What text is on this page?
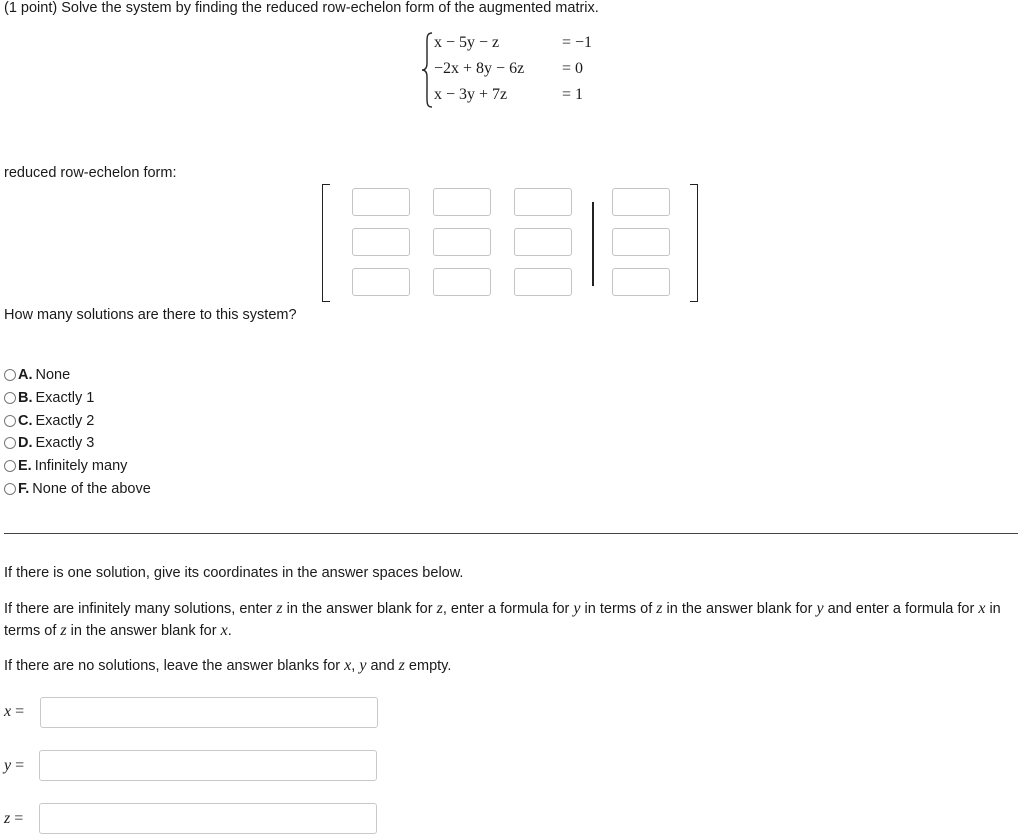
(1 point) Solve the system by finding the reduced row-echelon form of the augmented matrix.
x − 5y − z	= −1
−2x + 8y − 6z = 0
x − 3y + 7z	= 1
reduced row-echelon form:
How many solutions are there to this system?
A. None
B. Exactly 1
C. Exactly 2
D. Exactly 3
E. Infinitely many
F. None of the above
If there is one solution, give its coordinates in the answer spaces below.
If there are infinitely many solutions, enter z in the answer blank for z, enter a formula for y in terms of z in the answer blank for y and enter a formula for x in terms of z in the answer blank for x.
If there are no solutions, leave the answer blanks for x, y and z empty.
x =
y =
z =
